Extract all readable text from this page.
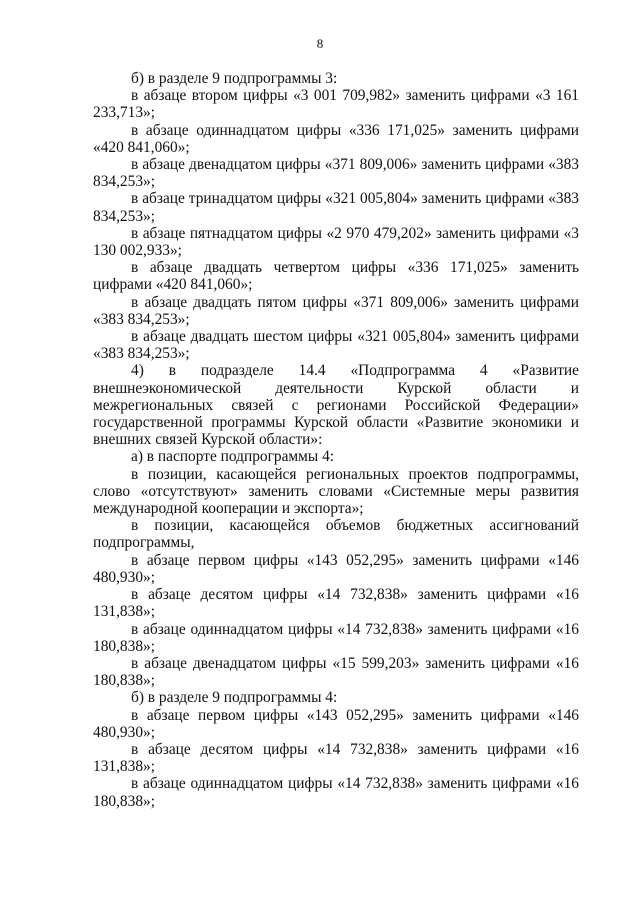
8

б) в разделе 9 подпрограммы 3:

в абзаце втором цифры «3 001 709,982» заменить цифрами «3 161 233,713»;

в абзаце одиннадцатом цифры «336 171,025» заменить цифрами «420 841,060»;

в абзаце двенадцатом цифры «371 809,006» заменить цифрами «383 834,253»;

в абзаце тринадцатом цифры «321 005,804» заменить цифрами «383 834,253»;

в абзаце пятнадцатом цифры «2 970 479,202» заменить цифрами «3 130 002,933»;

в абзаце двадцать четвертом цифры «336 171,025» заменить цифрами «420 841,060»;

в абзаце двадцать пятом цифры «371 809,006» заменить цифрами «383 834,253»;

в абзаце двадцать шестом цифры «321 005,804» заменить цифрами «383 834,253»;

4) в подразделе 14.4 «Подпрограмма 4 «Развитие внешнеэкономической деятельности Курской области и межрегиональных связей с регионами Российской Федерации» государственной программы Курской области «Развитие экономики и внешних связей Курской области»:

а) в паспорте подпрограммы 4:

в позиции, касающейся региональных проектов подпрограммы, слово «отсутствуют» заменить словами «Системные меры развития международной кооперации и экспорта»;

в позиции, касающейся объемов бюджетных ассигнований подпрограммы,

в абзаце первом цифры «143 052,295» заменить цифрами «146 480,930»;

в абзаце десятом цифры «14 732,838» заменить цифрами «16 131,838»;

в абзаце одиннадцатом цифры «14 732,838» заменить цифрами «16 180,838»;

в абзаце двенадцатом цифры «15 599,203» заменить цифрами «16 180,838»;

б) в разделе 9 подпрограммы 4:

в абзаце первом цифры «143 052,295» заменить цифрами «146 480,930»;

в абзаце десятом цифры «14 732,838» заменить цифрами «16 131,838»;

в абзаце одиннадцатом цифры «14 732,838» заменить цифрами «16 180,838»;
